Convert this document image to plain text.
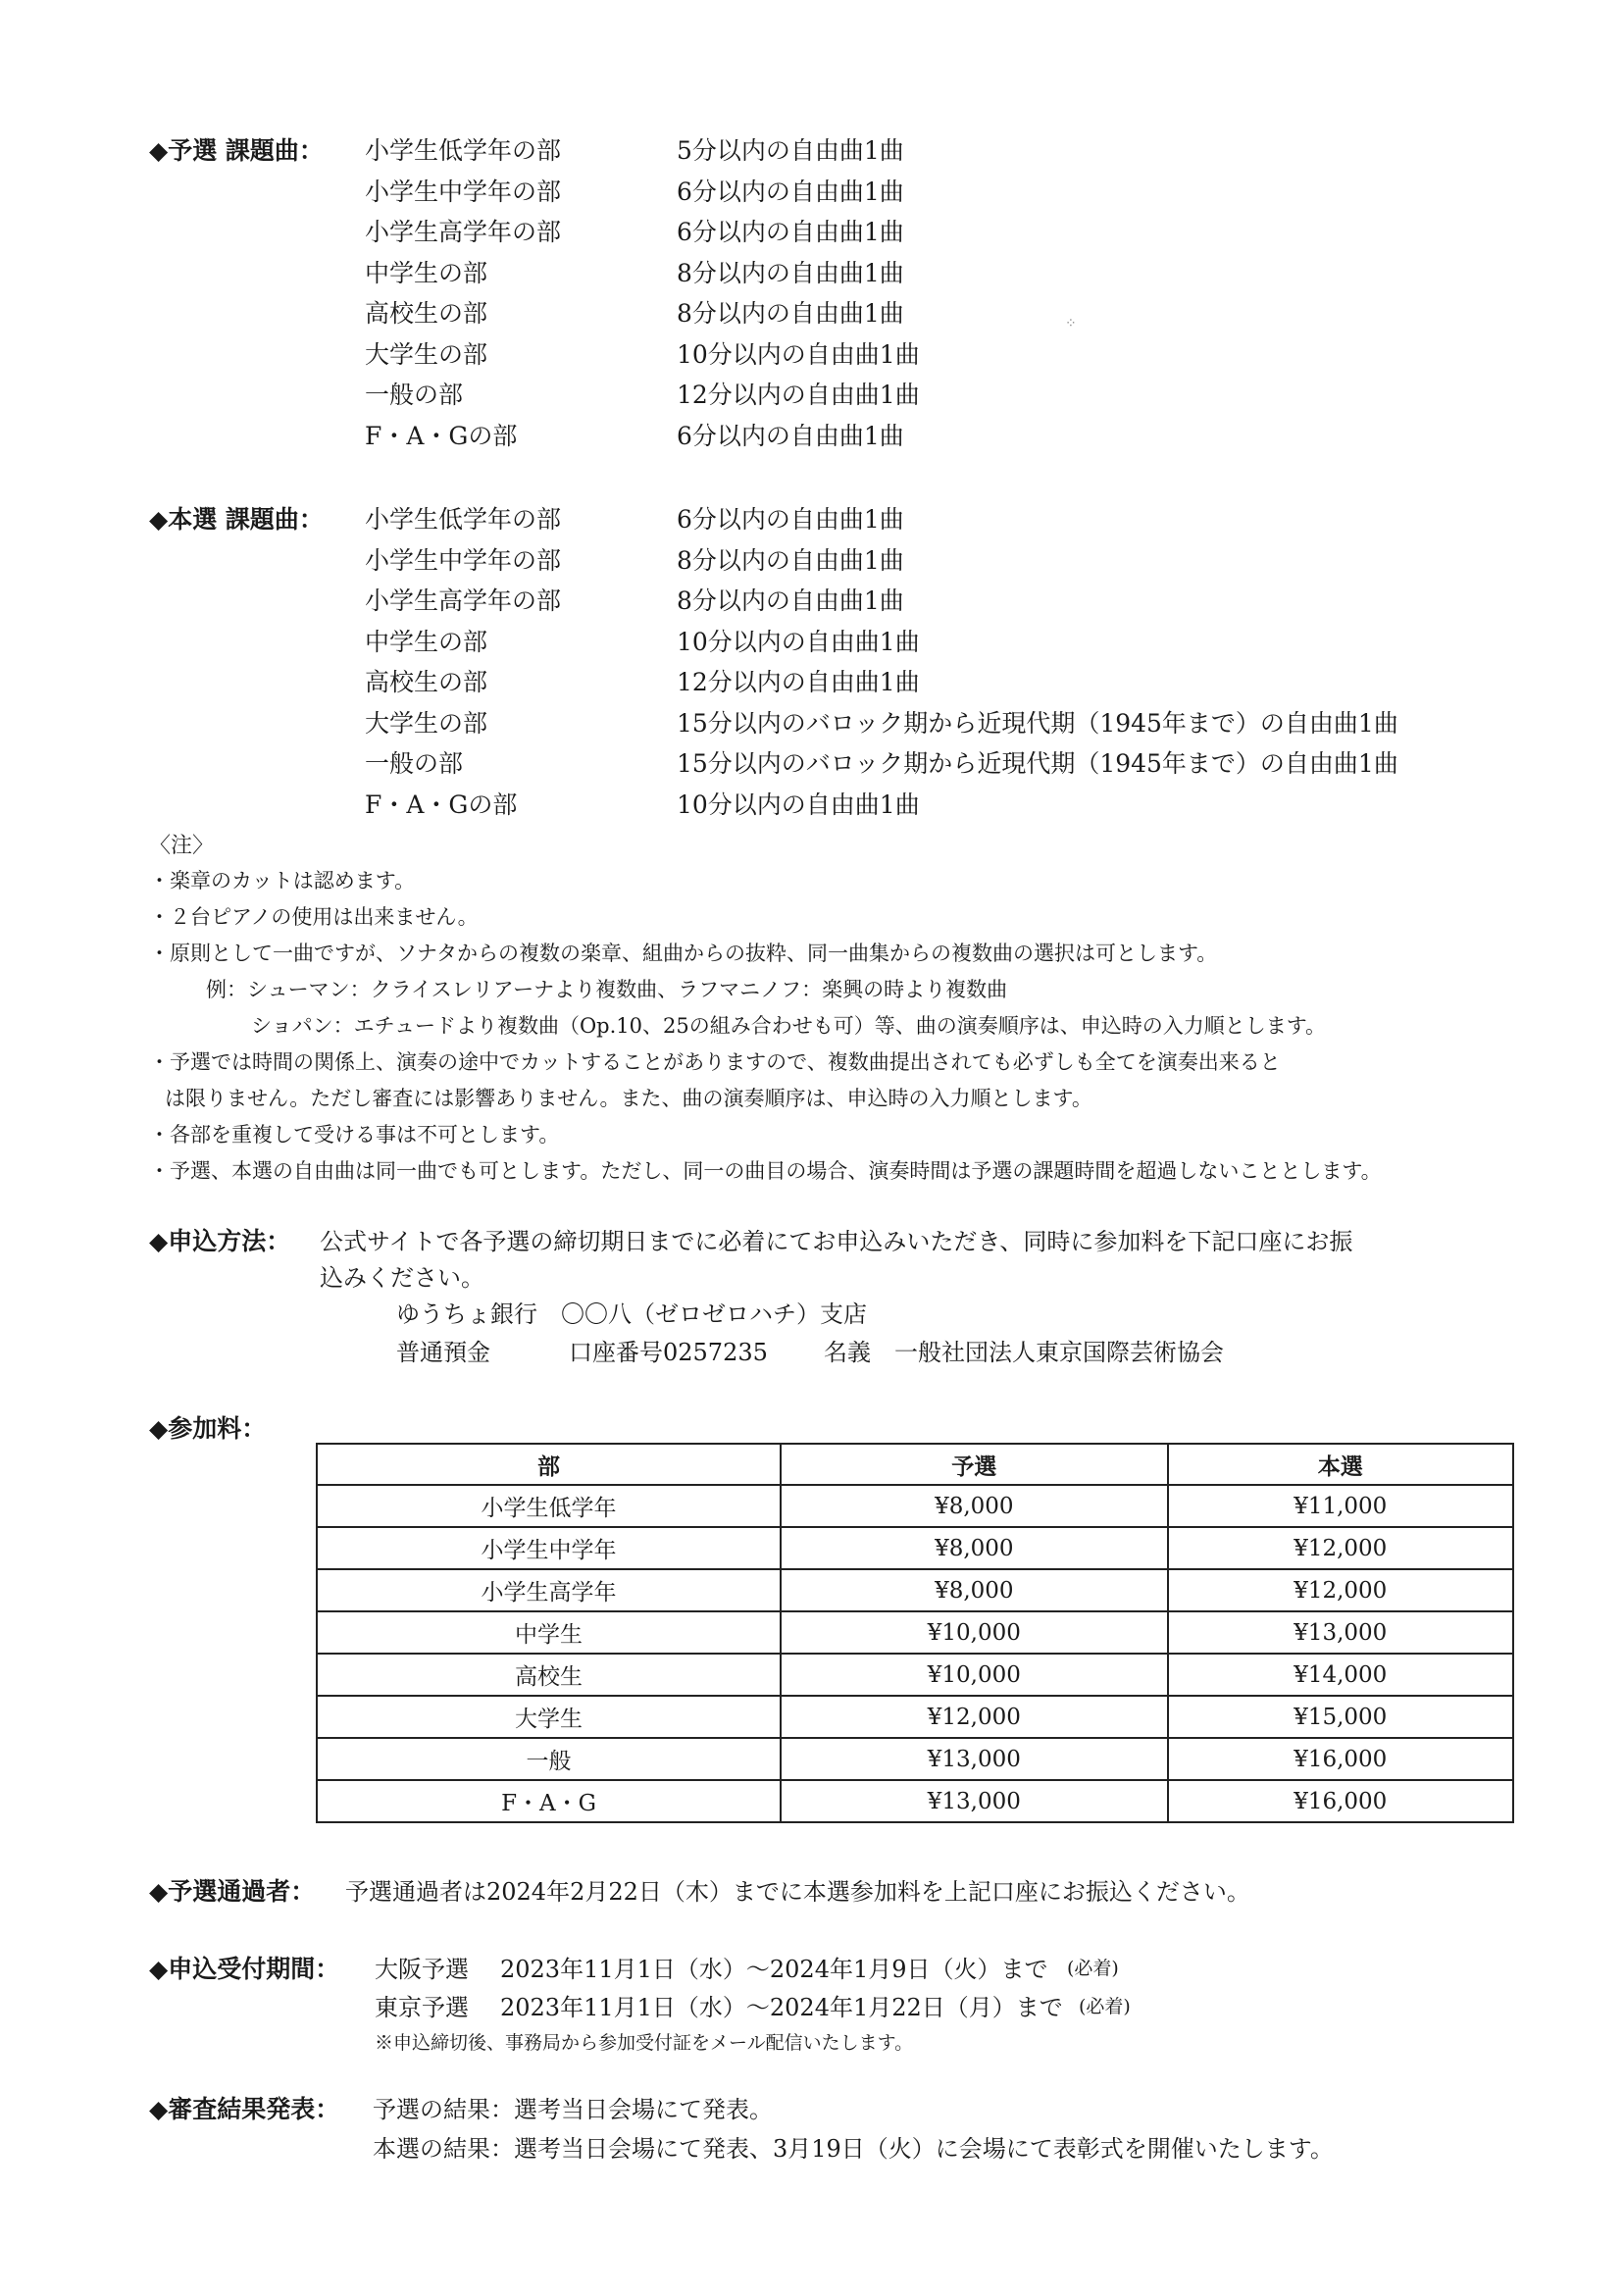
◆予選 課題曲： 小学生低学年の部	5分以内の自由曲1曲
小学生中学年の部	6分以内の自由曲1曲
小学生高学年の部	6分以内の自由曲1曲
中学生の部	8分以内の自由曲1曲
高校生の部	8分以内の自由曲1曲
大学生の部	10分以内の自由曲1曲
一般の部	12分以内の自由曲1曲
F・A・Gの部	6分以内の自由曲1曲
◆本選 課題曲： 小学生低学年の部	6分以内の自由曲1曲
小学生中学年の部	8分以内の自由曲1曲
小学生高学年の部	8分以内の自由曲1曲
中学生の部	10分以内の自由曲1曲
高校生の部	12分以内の自由曲1曲
大学生の部	15分以内のバロック期から近現代期（1945年まで）の自由曲1曲
一般の部	15分以内のバロック期から近現代期（1945年まで）の自由曲1曲
F・A・Gの部	10分以内の自由曲1曲
〈注〉
・楽章のカットは認めます。
・２台ピアノの使用は出来ません。
・原則として一曲ですが、ソナタからの複数の楽章、組曲からの抜粋、同一曲集からの複数曲の選択は可とします。
例：シューマン：クライスレリアーナより複数曲、ラフマニノフ：楽興の時より複数曲
ショパン：エチュードより複数曲（Op.10、25の組み合わせも可）等、曲の演奏順序は、申込時の入力順とします。
・予選では時間の関係上、演奏の途中でカットすることがありますので、複数曲提出されても必ずしも全てを演奏出来ると
は限りません。ただし審査には影響ありません。また、曲の演奏順序は、申込時の入力順とします。
・各部を重複して受ける事は不可とします。
・予選、本選の自由曲は同一曲でも可とします。ただし、同一の曲目の場合、演奏時間は予選の課題時間を超過しないこととします。
◆申込方法： 公式サイトで各予選の締切期日までに必着にてお申込みいただき、同時に参加料を下記口座にお振
込みください。
ゆうちょ銀行　〇〇八（ゼロゼロハチ）支店
普通預金	口座番号0257235 名義　一般社団法人東京国際芸術協会
◆参加料：
部	予選	本選
小学生低学年	¥8,000	¥11,000
小学生中学年	¥8,000	¥12,000
小学生高学年	¥8,000	¥12,000
中学生	¥10,000	¥13,000
高校生	¥10,000	¥14,000
大学生	¥12,000	¥15,000
一般	¥13,000	¥16,000
F・A・G	¥13,000	¥16,000
◆予選通過者： 予選通過者は2024年2月22日（木）までに本選参加料を上記口座にお振込ください。
◆申込受付期間： 大阪予選 2023年11月1日（水）～2024年1月9日（火）まで (必着)
東京予選 2023年11月1日（水）～2024年1月22日（月）まで (必着)
※申込締切後、事務局から参加受付証をメール配信いたします。
◆審査結果発表： 予選の結果：選考当日会場にて発表。
本選の結果：選考当日会場にて発表、3月19日（火）に会場にて表彰式を開催いたします。
⁘
